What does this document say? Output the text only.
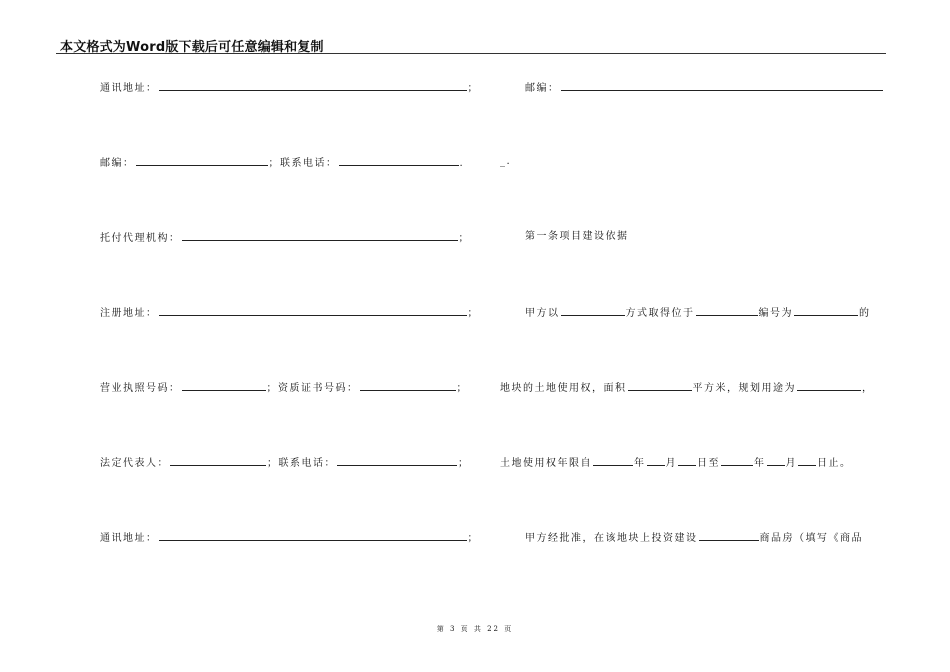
本文格式为Word版下载后可任意编辑和复制
通讯地址：	；
邮编：	；联系电话：	.
托付代理机构：	；
注册地址：	；
营业执照号码：	；资质证书号码：	；
法定代表人：	；联系电话：	；
通讯地址：	；
邮编：
_.
第一条项目建设依据
甲方以	方式取得位于	编号为	的
地块的土地使用权，面积	平方米，规划用途为	，
土地使用权年限自	年 月 日至	年 月 日止。
甲方经批准，在该地块上投资建设	商品房（填写《商品
第 3 页 共 22 页
